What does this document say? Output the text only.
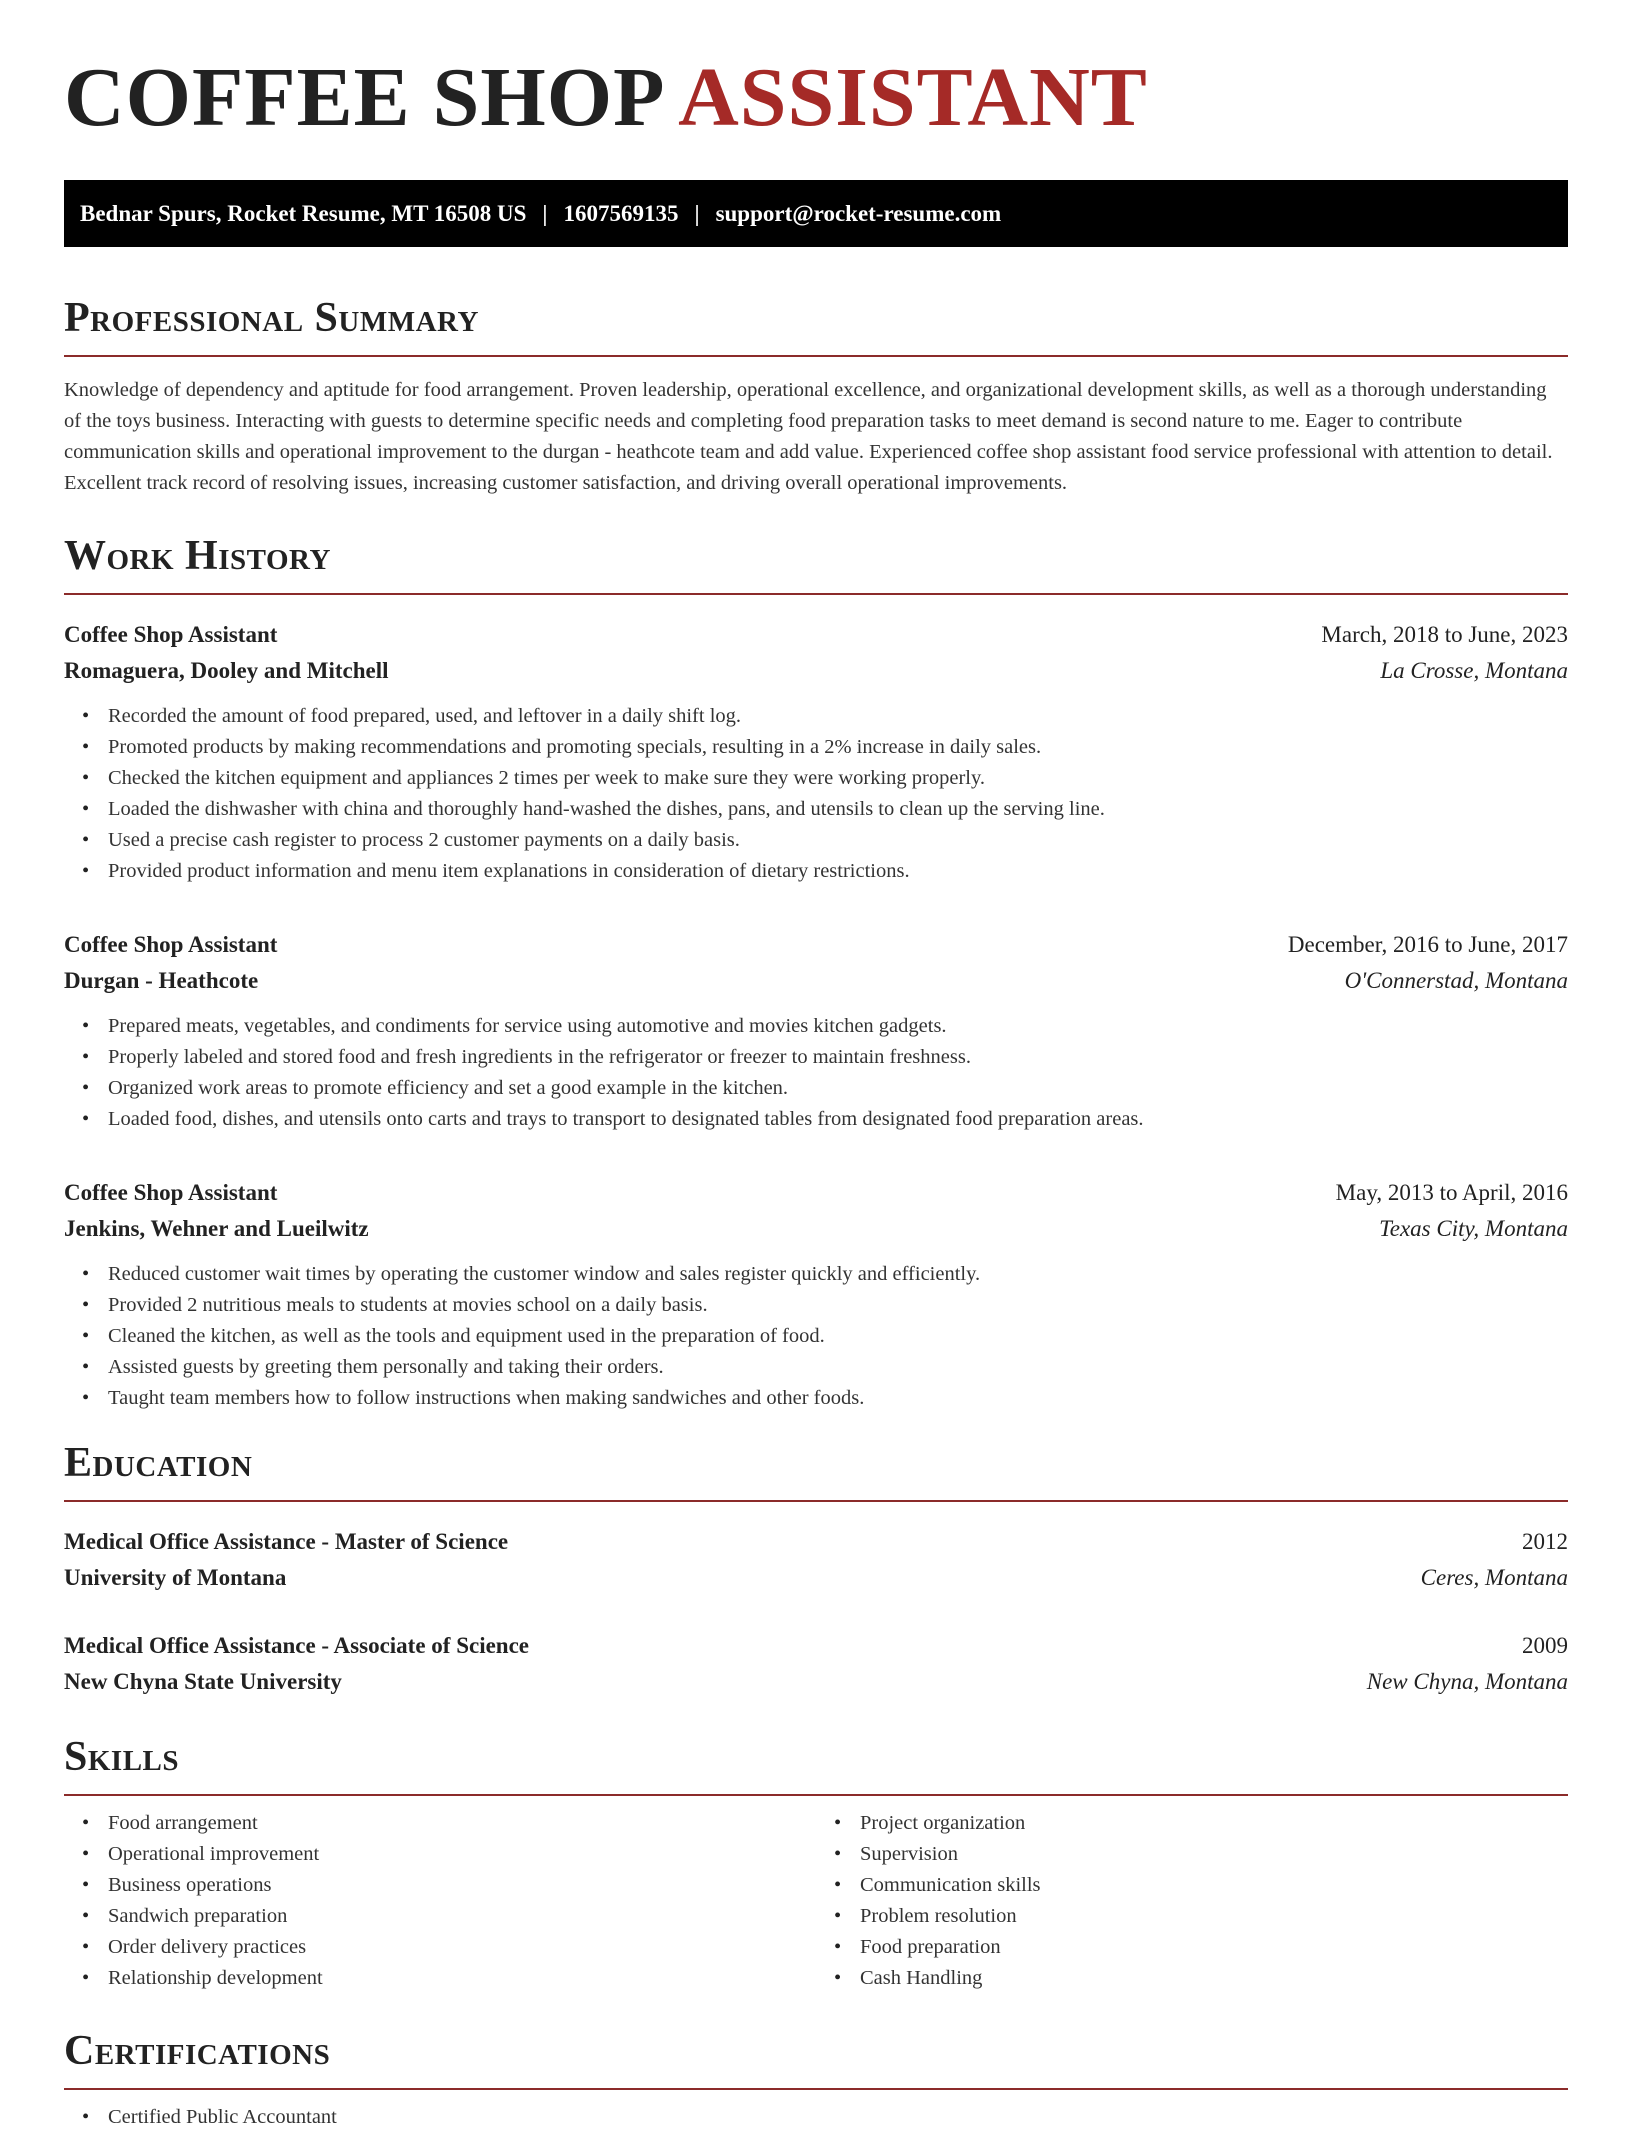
COFFEE SHOP ASSISTANT
Bednar Spurs, Rocket Resume, MT 16508 US | 1607569135 | support@rocket-resume.com
Professional Summary

Knowledge of dependency and aptitude for food arrangement. Proven leadership, operational excellence, and organizational development skills, as well as a thorough understanding of the toys business. Interacting with guests to determine specific needs and completing food preparation tasks to meet demand is second nature to me. Eager to contribute communication skills and operational improvement to the durgan - heathcote team and add value. Experienced coffee shop assistant food service professional with attention to detail. Excellent track record of resolving issues, increasing customer satisfaction, and driving overall operational improvements.

Work History
Coffee Shop Assistant	March, 2018 to June, 2023
Romaguera, Dooley and Mitchell	La Crosse, Montana
• Recorded the amount of food prepared, used, and leftover in a daily shift log.
• Promoted products by making recommendations and promoting specials, resulting in a 2% increase in daily sales.
• Checked the kitchen equipment and appliances 2 times per week to make sure they were working properly.
• Loaded the dishwasher with china and thoroughly hand-washed the dishes, pans, and utensils to clean up the serving line.
• Used a precise cash register to process 2 customer payments on a daily basis.
• Provided product information and menu item explanations in consideration of dietary restrictions.
Coffee Shop Assistant	December, 2016 to June, 2017
Durgan - Heathcote	O'Connerstad, Montana
• Prepared meats, vegetables, and condiments for service using automotive and movies kitchen gadgets.
• Properly labeled and stored food and fresh ingredients in the refrigerator or freezer to maintain freshness.
• Organized work areas to promote efficiency and set a good example in the kitchen.
• Loaded food, dishes, and utensils onto carts and trays to transport to designated tables from designated food preparation areas.
Coffee Shop Assistant	May, 2013 to April, 2016
Jenkins, Wehner and Lueilwitz	Texas City, Montana
• Reduced customer wait times by operating the customer window and sales register quickly and efficiently.
• Provided 2 nutritious meals to students at movies school on a daily basis.
• Cleaned the kitchen, as well as the tools and equipment used in the preparation of food.
• Assisted guests by greeting them personally and taking their orders.
• Taught team members how to follow instructions when making sandwiches and other foods.
Education
Medical Office Assistance - Master of Science	2012
University of Montana	Ceres, Montana
Medical Office Assistance - Associate of Science	2009
New Chyna State University	New Chyna, Montana
Skills
• Food arrangement
• Operational improvement
• Business operations
• Sandwich preparation
• Order delivery practices
• Relationship development
• Project organization
• Supervision
• Communication skills
• Problem resolution
• Food preparation
• Cash Handling
Certifications
• Certified Public Accountant
